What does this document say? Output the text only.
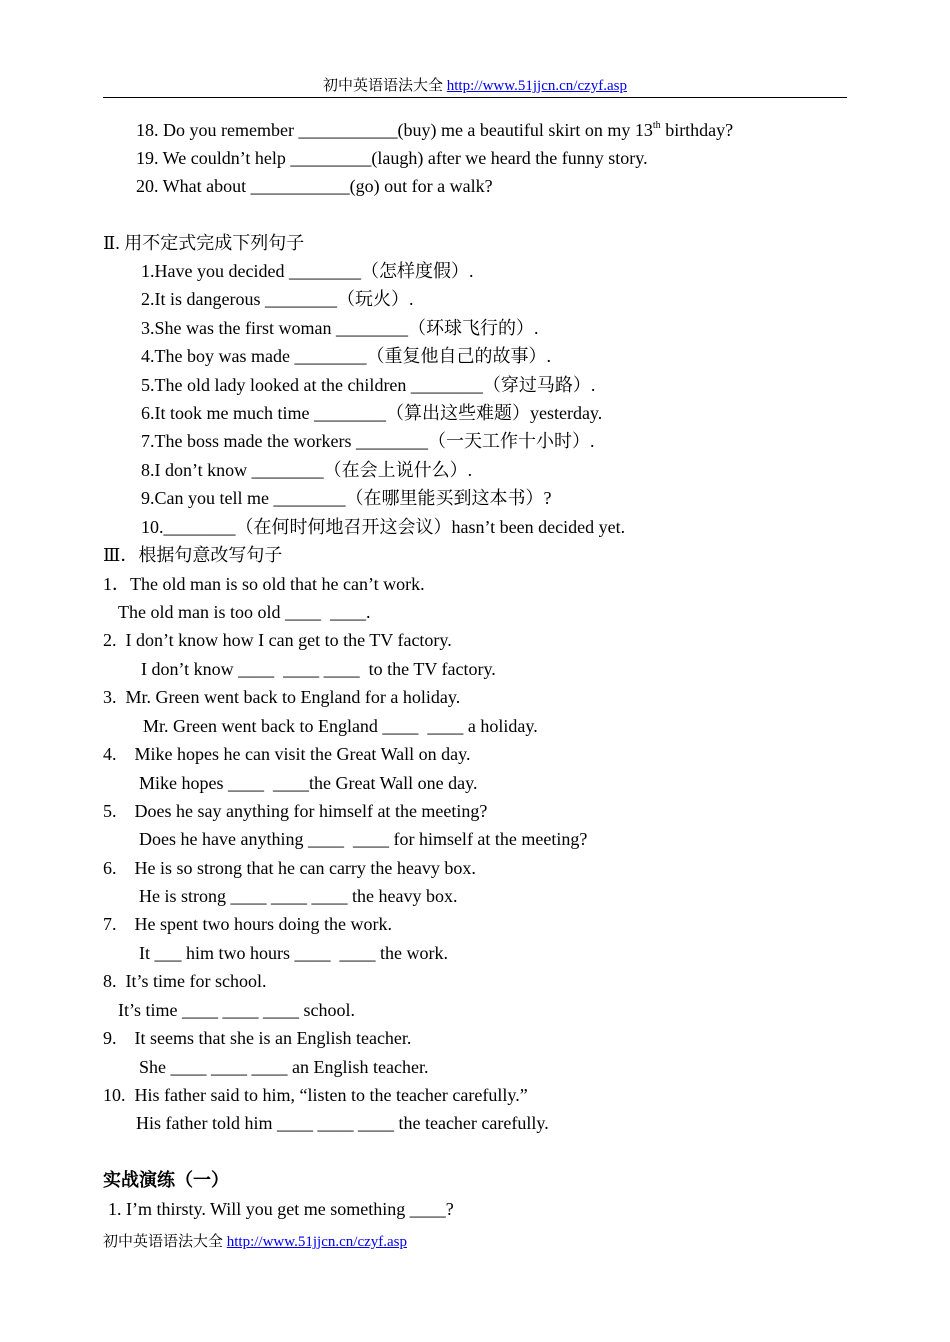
初中英语语法大全 http://www.51jjcn.cn/czyf.asp
18. Do you remember ___________(buy) me a beautiful skirt on my 13th birthday?
19. We couldn’t help _________(laugh) after we heard the funny story.
20. What about ___________(go) out for a walk?
Ⅱ. 用不定式完成下列句子
1.Have you decided ________（怎样度假）.
2.It is dangerous ________（玩火）.
3.She was the first woman ________（环球飞行的）.
4.The boy was made ________（重复他自己的故事）.
5.The old lady looked at the children ________（穿过马路）.
6.It took me much time ________（算出这些难题）yesterday.
7.The boss made the workers ________（一天工作十小时）.
8.I don’t know ________（在会上说什么）.
9.Can you tell me ________（在哪里能买到这本书）?
10.________（在何时何地召开这会议）hasn’t been decided yet.
Ⅲ．根据句意改写句子
1．The old man is so old that he can’t work.
The old man is too old ____  ____.
2.  I don’t know how I can get to the TV factory.
I don’t know ____  ____ ____  to the TV factory.
3.  Mr. Green went back to England for a holiday.
Mr. Green went back to England ____  ____ a holiday.
4.    Mike hopes he can visit the Great Wall on day.
Mike hopes ____  ____the Great Wall one day.
5.    Does he say anything for himself at the meeting?
Does he have anything ____  ____ for himself at the meeting?
6.    He is so strong that he can carry the heavy box.
He is strong ____ ____ ____ the heavy box.
7.    He spent two hours doing the work.
It ___ him two hours ____  ____ the work.
8.  It’s time for school.
It’s time ____ ____ ____ school.
9.    It seems that she is an English teacher.
She ____ ____ ____ an English teacher.
10.  His father said to him, “listen to the teacher carefully.”
His father told him ____ ____ ____ the teacher carefully.
实战演练（一）
1. I’m thirsty. Will you get me something ____?
初中英语语法大全 http://www.51jjcn.cn/czyf.asp
